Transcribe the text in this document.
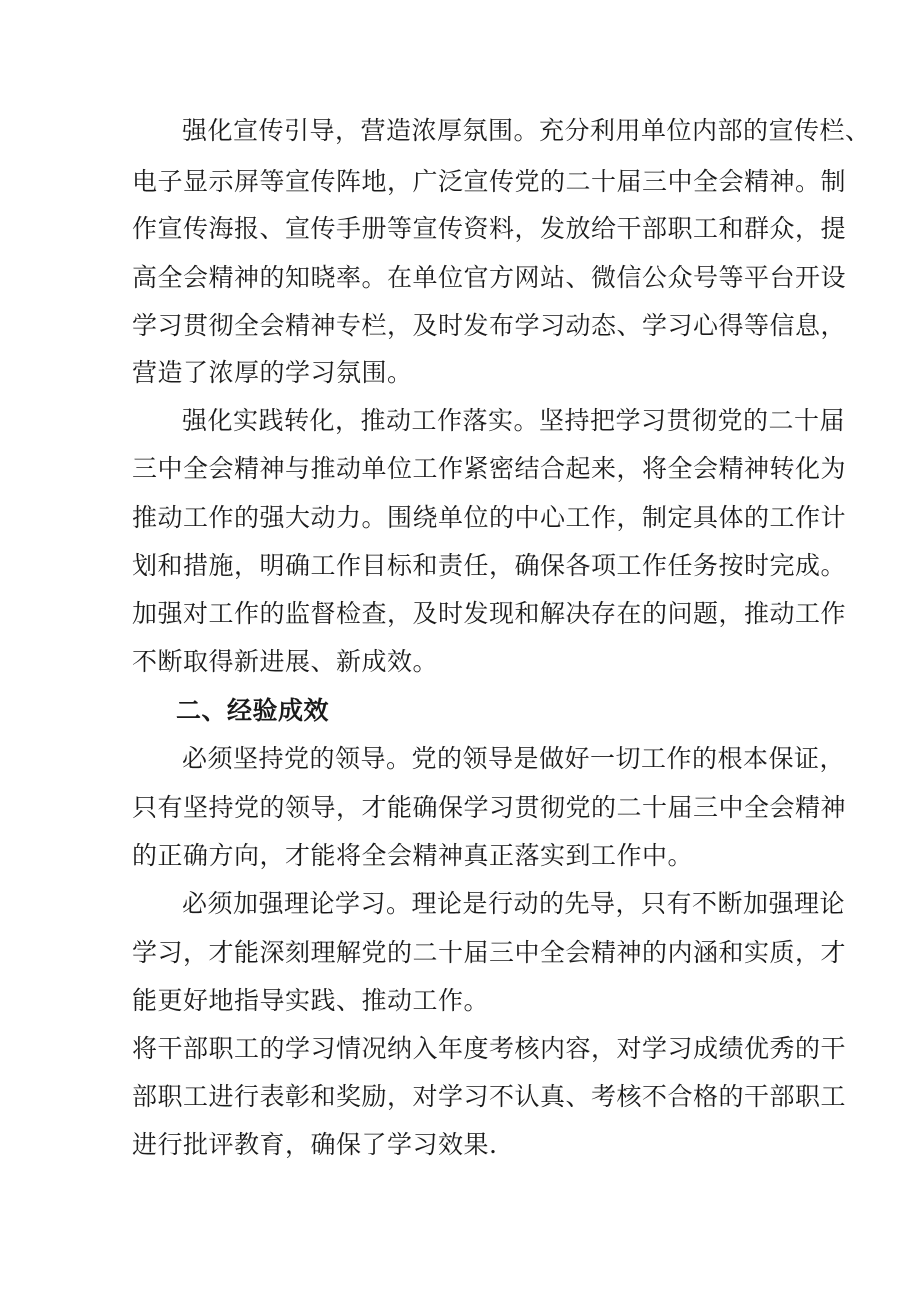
强化宣传引导，营造浓厚氛围。充分利用单位内部的宣传栏、
电子显示屏等宣传阵地，广泛宣传党的二十届三中全会精神。制
作宣传海报、宣传手册等宣传资料，发放给干部职工和群众，提
高全会精神的知晓率。在单位官方网站、微信公众号等平台开设
学习贯彻全会精神专栏，及时发布学习动态、学习心得等信息，
营造了浓厚的学习氛围。
强化实践转化，推动工作落实。坚持把学习贯彻党的二十届
三中全会精神与推动单位工作紧密结合起来，将全会精神转化为
推动工作的强大动力。围绕单位的中心工作，制定具体的工作计
划和措施，明确工作目标和责任，确保各项工作任务按时完成。
加强对工作的监督检查，及时发现和解决存在的问题，推动工作
不断取得新进展、新成效。
二、经验成效
必须坚持党的领导。党的领导是做好一切工作的根本保证，
只有坚持党的领导，才能确保学习贯彻党的二十届三中全会精神
的正确方向，才能将全会精神真正落实到工作中。
必须加强理论学习。理论是行动的先导，只有不断加强理论
学习，才能深刻理解党的二十届三中全会精神的内涵和实质，才
能更好地指导实践、推动工作。
将干部职工的学习情况纳入年度考核内容，对学习成绩优秀的干
部职工进行表彰和奖励，对学习不认真、考核不合格的干部职工
进行批评教育，确保了学习效果.
